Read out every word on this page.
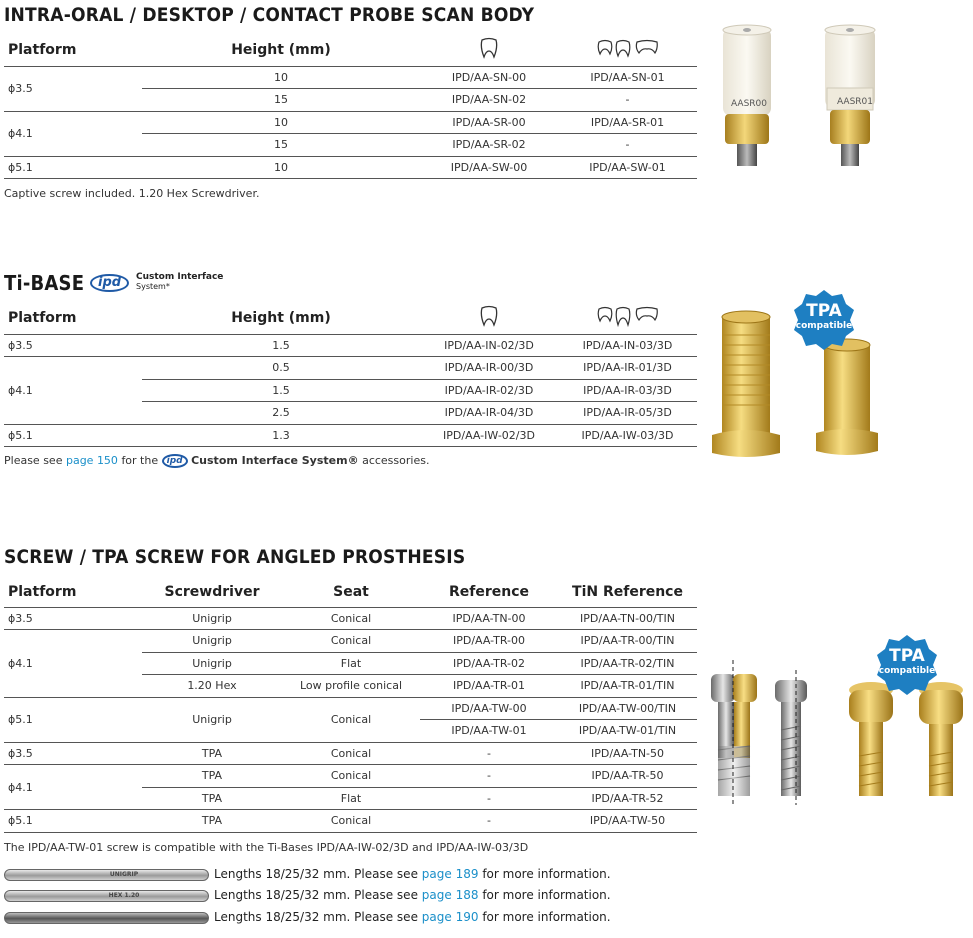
INTRA-ORAL / DESKTOP / CONTACT PROBE SCAN BODY
Platform	Height (mm)		
ϕ3.5	10	IPD/AA-SN-00	IPD/AA-SN-01
	15	IPD/AA-SN-02	-
ϕ4.1	10	IPD/AA-SR-00	IPD/AA-SR-01
	15	IPD/AA-SR-02	-
ϕ5.1	10	IPD/AA-SW-00	IPD/AA-SW-01
Captive screw included. 1.20 Hex Screwdriver.
AASR00	AASR01
Ti-BASE	ipd Custom Interface
System*
Platform	Height (mm)		
ϕ3.5	1.5	IPD/AA-IN-02/3D	IPD/AA-IN-03/3D
ϕ4.1	0.5	IPD/AA-IR-00/3D	IPD/AA-IR-01/3D
	1.5	IPD/AA-IR-02/3D	IPD/AA-IR-03/3D
	2.5	IPD/AA-IR-04/3D	IPD/AA-IR-05/3D
ϕ5.1	1.3	IPD/AA-IW-02/3D	IPD/AA-IW-03/3D
Please see page 150 for the ipd Custom Interface System® accessories.
TPA
compatible
SCREW / TPA SCREW FOR ANGLED PROSTHESIS
Platform	Screwdriver	Seat	Reference	TiN Reference
ϕ3.5	Unigrip	Conical	IPD/AA-TN-00	IPD/AA-TN-00/TIN
ϕ4.1	Unigrip	Conical	IPD/AA-TR-00	IPD/AA-TR-00/TIN
	Unigrip	Flat	IPD/AA-TR-02	IPD/AA-TR-02/TIN
	1.20 Hex	Low profile conical	IPD/AA-TR-01	IPD/AA-TR-01/TIN
ϕ5.1	Unigrip	Conical	IPD/AA-TW-00	IPD/AA-TW-00/TIN
			IPD/AA-TW-01	IPD/AA-TW-01/TIN
ϕ3.5	TPA	Conical	-	IPD/AA-TN-50
ϕ4.1	TPA	Conical	-	IPD/AA-TR-50
	TPA	Flat	-	IPD/AA-TR-52
ϕ5.1	TPA	Conical	-	IPD/AA-TW-50
The IPD/AA-TW-01 screw is compatible with the Ti-Bases IPD/AA-IW-02/3D and IPD/AA-IW-03/3D
TPA
compatible
UNIGRIP	Lengths 18/25/32 mm. Please see page 189 for more information.
HEX 1.20	Lengths 18/25/32 mm. Please see page 188 for more information.
Lengths 18/25/32 mm. Please see page 190 for more information.
